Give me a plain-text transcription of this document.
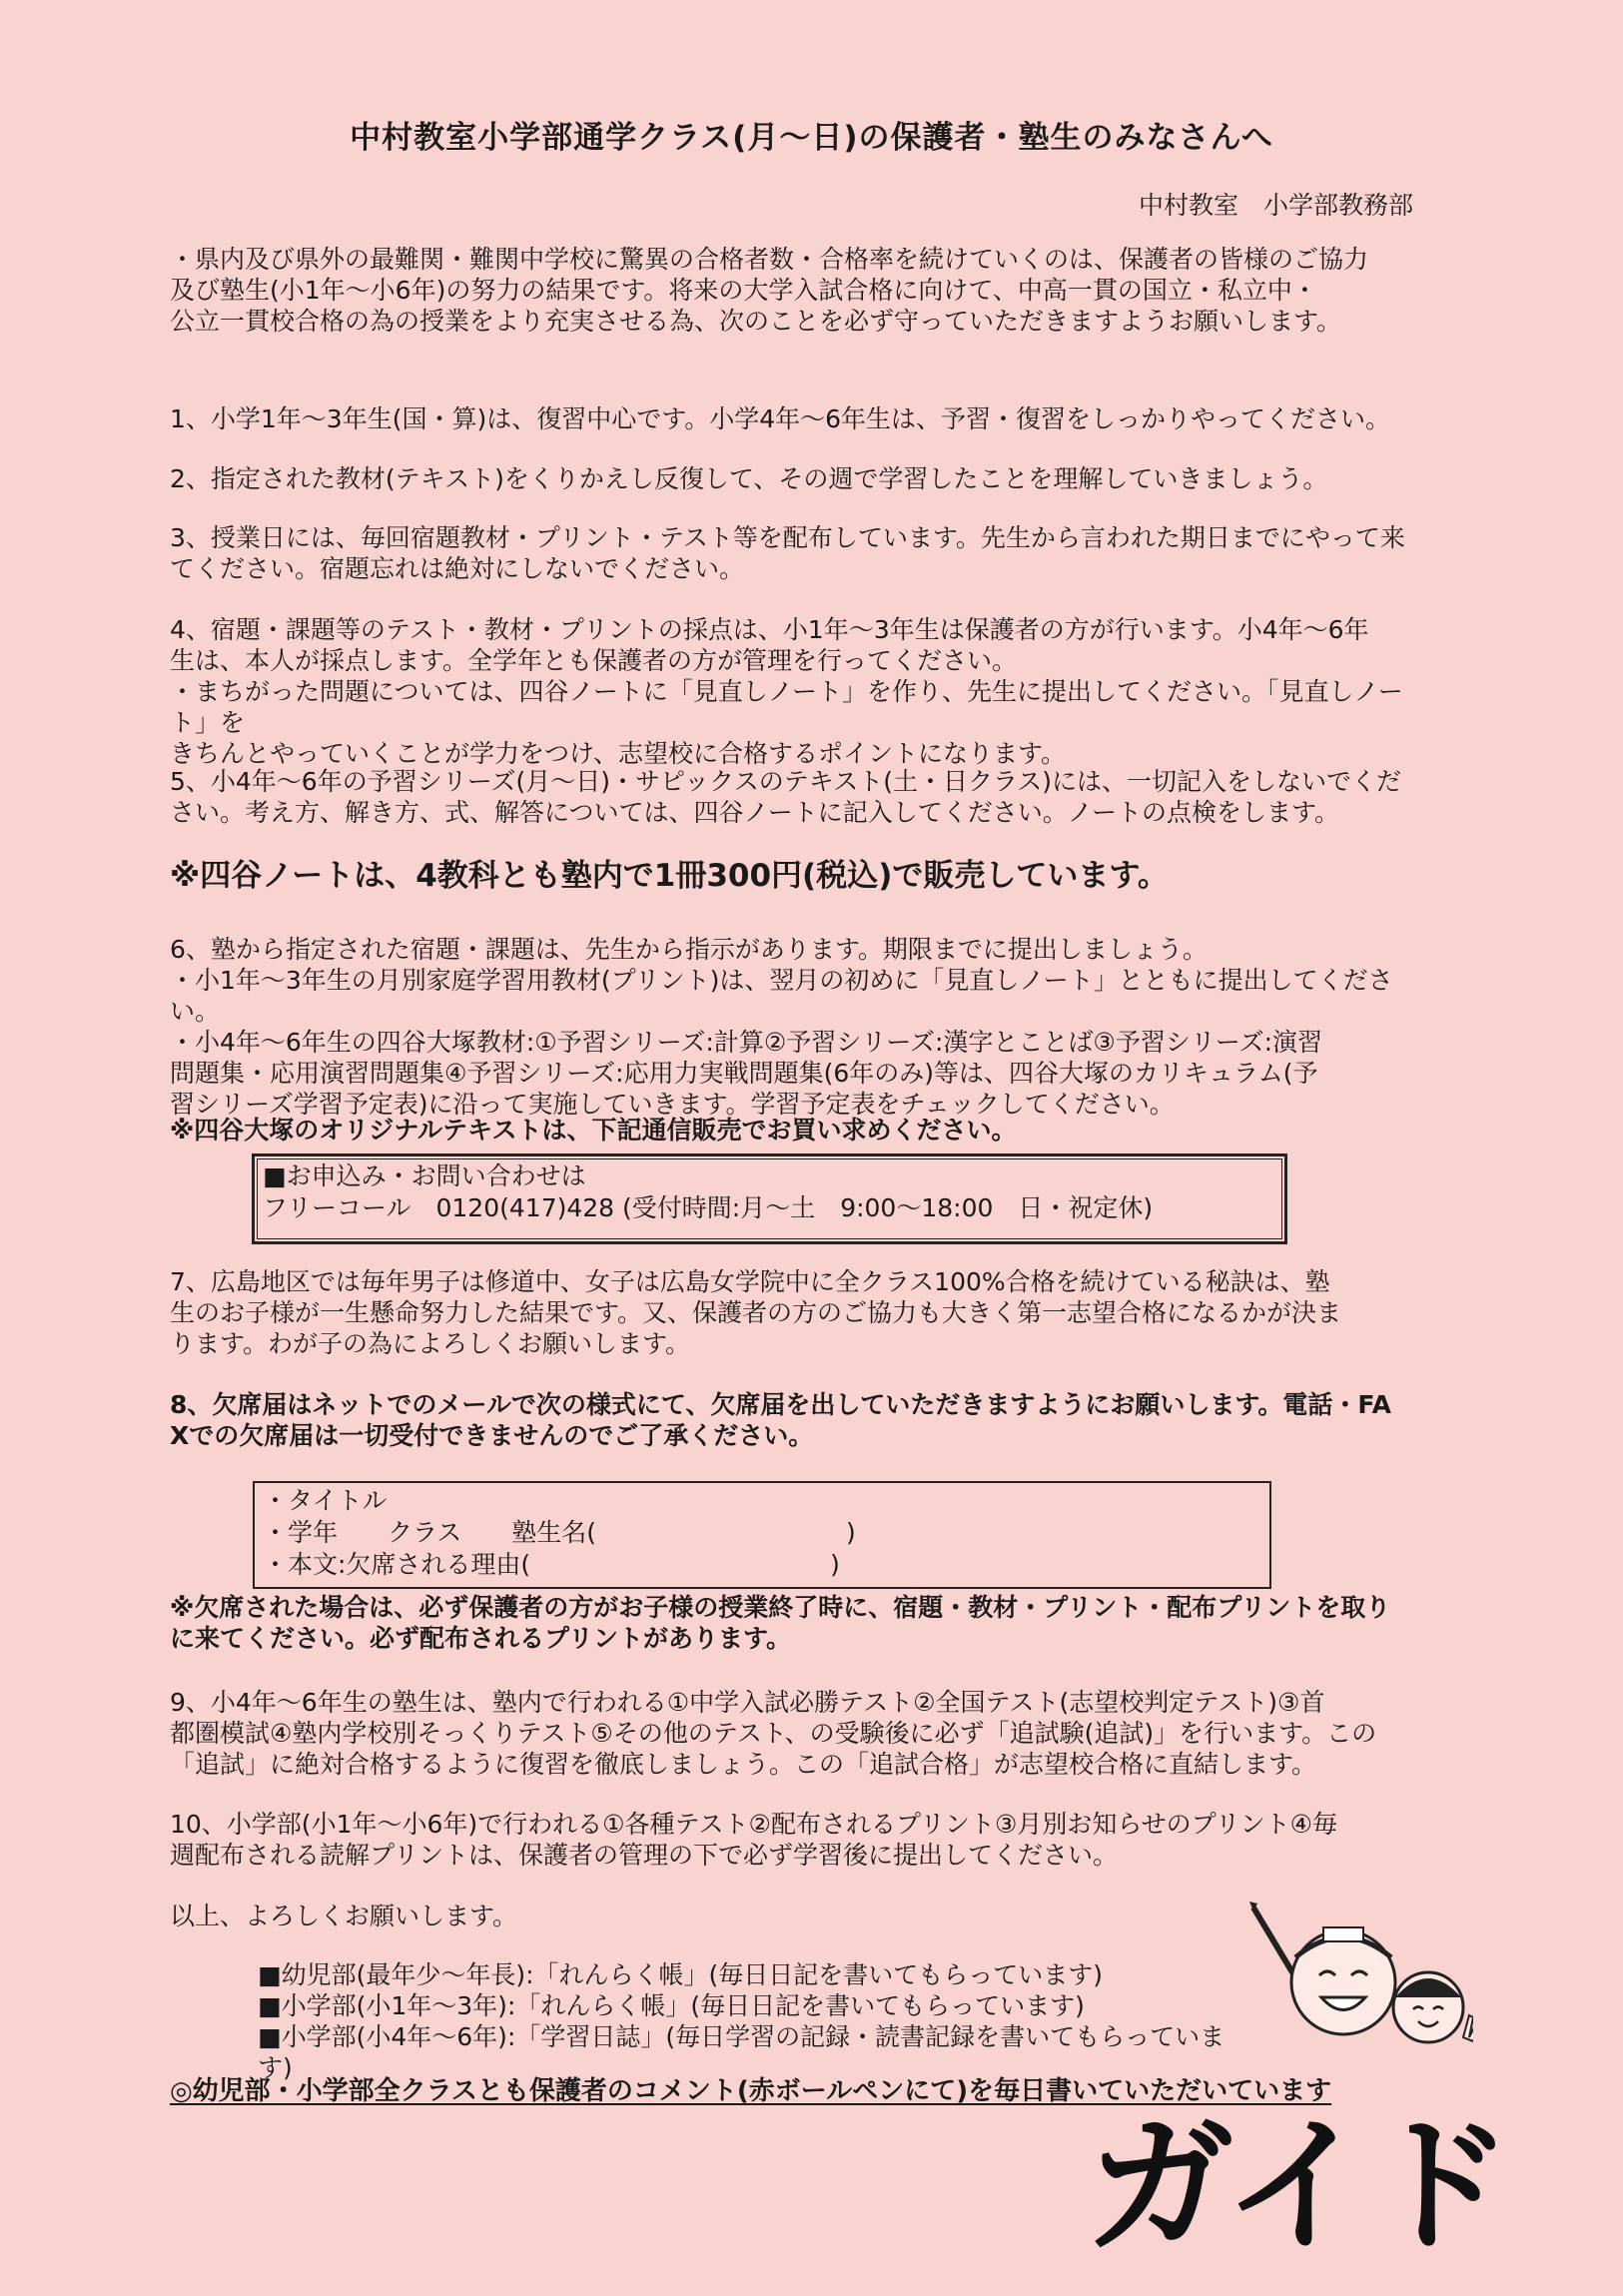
中村教室小学部通学クラス(月～日)の保護者・塾生のみなさんへ
中村教室　小学部教務部

・県内及び県外の最難関・難関中学校に驚異の合格者数・合格率を続けていくのは、保護者の皆様のご協力

及び塾生(小1年～小6年)の努力の結果です。将来の大学入試合格に向けて、中高一貫の国立・私立中・

公立一貫校合格の為の授業をより充実させる為、次のことを必ず守っていただきますようお願いします。

1、小学1年～3年生(国・算)は、復習中心です。小学4年～6年生は、予習・復習をしっかりやってください。

2、指定された教材(テキスト)をくりかえし反復して、その週で学習したことを理解していきましょう。

3、授業日には、毎回宿題教材・プリント・テスト等を配布しています。先生から言われた期日までにやって来

てください。宿題忘れは絶対にしないでください。

4、宿題・課題等のテスト・教材・プリントの採点は、小1年～3年生は保護者の方が行います。小4年～6年

生は、本人が採点します。全学年とも保護者の方が管理を行ってください。

・まちがった問題については、四谷ノートに「見直しノート」を作り、先生に提出してください。「見直しノート」を

きちんとやっていくことが学力をつけ、志望校に合格するポイントになります。

5、小4年～6年の予習シリーズ(月～日)・サピックスのテキスト(土・日クラス)には、一切記入をしないでくだ

さい。考え方、解き方、式、解答については、四谷ノートに記入してください。ノートの点検をします。

※四谷ノートは、4教科とも塾内で1冊300円(税込)で販売しています。

6、塾から指定された宿題・課題は、先生から指示があります。期限までに提出しましょう。

・小1年～3年生の月別家庭学習用教材(プリント)は、翌月の初めに「見直しノート」とともに提出してください。

・小4年～6年生の四谷大塚教材:①予習シリーズ:計算②予習シリーズ:漢字とことば③予習シリーズ:演習

問題集・応用演習問題集④予習シリーズ:応用力実戦問題集(6年のみ)等は、四谷大塚のカリキュラム(予

習シリーズ学習予定表)に沿って実施していきます。学習予定表をチェックしてください。

※四谷大塚のオリジナルテキストは、下記通信販売でお買い求めください。

■お申込み・お問い合わせは

フリーコール　0120(417)428 (受付時間:月～土　9:00～18:00　日・祝定休)

7、広島地区では毎年男子は修道中、女子は広島女学院中に全クラス100%合格を続けている秘訣は、塾

生のお子様が一生懸命努力した結果です。又、保護者の方のご協力も大きく第一志望合格になるかが決ま

ります。わが子の為によろしくお願いします。

8、欠席届はネットでのメールで次の様式にて、欠席届を出していただきますようにお願いします。電話・FA

Xでの欠席届は一切受付できませんのでご了承ください。

・タイトル

・学年　　クラス　　塾生名(　　　　　　　　　　)

・本文:欠席される理由(　　　　　　　　　　　　)

※欠席された場合は、必ず保護者の方がお子様の授業終了時に、宿題・教材・プリント・配布プリントを取り

に来てください。必ず配布されるプリントがあります。

9、小4年～6年生の塾生は、塾内で行われる①中学入試必勝テスト②全国テスト(志望校判定テスト)③首

都圏模試④塾内学校別そっくりテスト⑤その他のテスト、の受験後に必ず「追試験(追試)」を行います。この

「追試」に絶対合格するように復習を徹底しましょう。この「追試合格」が志望校合格に直結します。

10、小学部(小1年～小6年)で行われる①各種テスト②配布されるプリント③月別お知らせのプリント④毎

週配布される読解プリントは、保護者の管理の下で必ず学習後に提出してください。

以上、よろしくお願いします。

■幼児部(最年少～年長):「れんらく帳」(毎日日記を書いてもらっています)

■小学部(小1年～3年):「れんらく帳」(毎日日記を書いてもらっています)

■小学部(小4年～6年):「学習日誌」(毎日学習の記録・読書記録を書いてもらっています)

◎幼児部・小学部全クラスとも保護者のコメント(赤ボールペンにて)を毎日書いていただいています
ガイド
